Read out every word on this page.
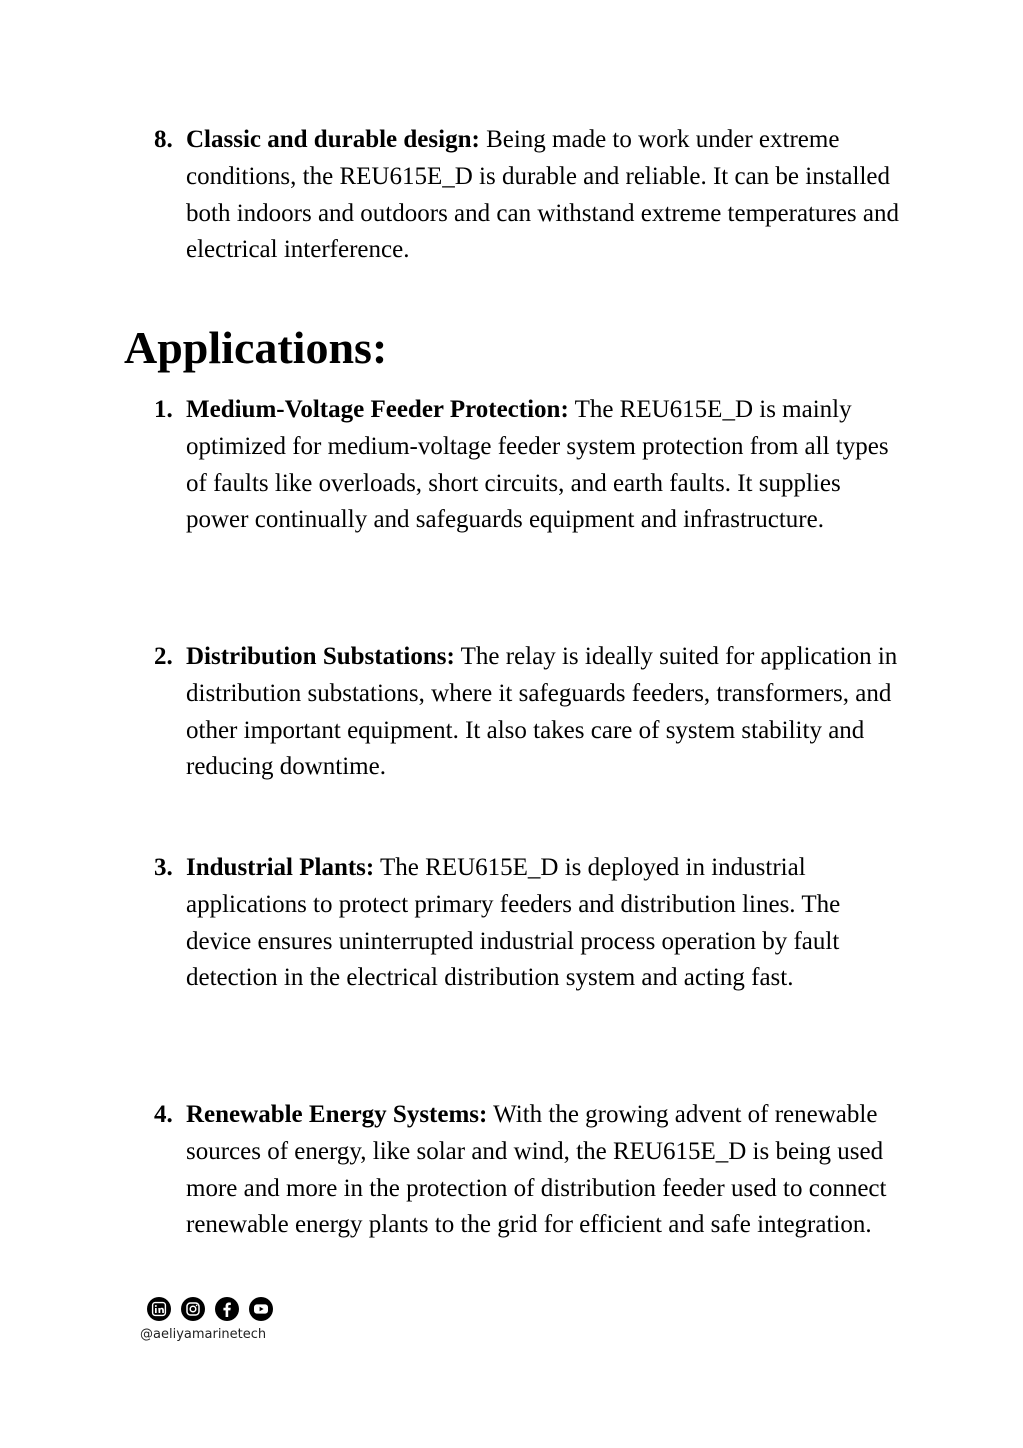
8. Classic and durable design: Being made to work under extreme conditions, the REU615E_D is durable and reliable. It can be installed both indoors and outdoors and can withstand extreme temperatures and electrical interference.
Applications:
1. Medium-Voltage Feeder Protection: The REU615E_D is mainly optimized for medium-voltage feeder system protection from all types of faults like overloads, short circuits, and earth faults. It supplies power continually and safeguards equipment and infrastructure.
2. Distribution Substations: The relay is ideally suited for application in distribution substations, where it safeguards feeders, transformers, and other important equipment. It also takes care of system stability and reducing downtime.
3. Industrial Plants: The REU615E_D is deployed in industrial applications to protect primary feeders and distribution lines. The device ensures uninterrupted industrial process operation by fault detection in the electrical distribution system and acting fast.
4. Renewable Energy Systems: With the growing advent of renewable sources of energy, like solar and wind, the REU615E_D is being used more and more in the protection of distribution feeder used to connect renewable energy plants to the grid for efficient and safe integration.
@aeliyamarinetech
